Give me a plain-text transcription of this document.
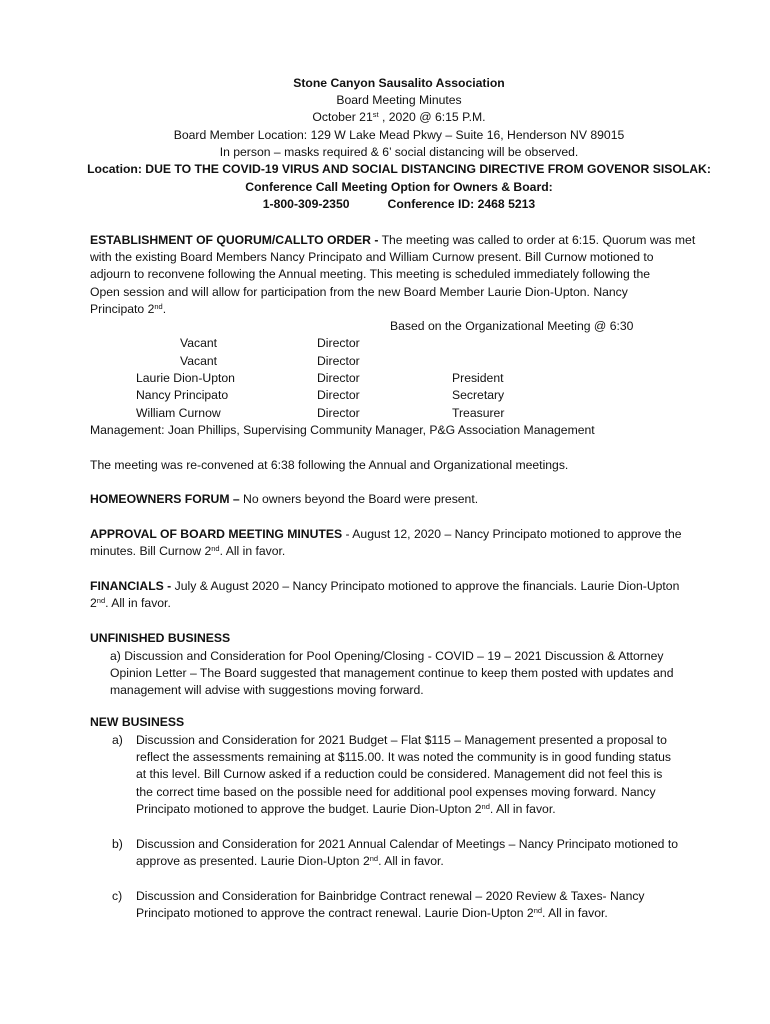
Stone Canyon Sausalito Association
Board Meeting Minutes
October 21st , 2020 @ 6:15 P.M.
Board Member Location: 129 W Lake Mead Pkwy – Suite 16, Henderson NV 89015
In person – masks required & 6’ social distancing will be observed.
Location: DUE TO THE COVID-19 VIRUS AND SOCIAL DISTANCING DIRECTIVE FROM GOVENOR SISOLAK:
Conference Call Meeting Option for Owners & Board:
1-800-309-2350	Conference ID: 2468 5213
ESTABLISHMENT OF QUORUM/CALLTO ORDER - The meeting was called to order at 6:15. Quorum was met
with the existing Board Members Nancy Principato and William Curnow present. Bill Curnow motioned to
adjourn to reconvene following the Annual meeting. This meeting is scheduled immediately following the
Open session and will allow for participation from the new Board Member Laurie Dion-Upton. Nancy
Principato 2nd.
Based on the Organizational Meeting @ 6:30
Vacant	Director
Vacant	Director
Laurie Dion-Upton	Director	President
Nancy Principato	Director	Secretary
William Curnow	Director	Treasurer
Management: Joan Phillips, Supervising Community Manager, P&G Association Management
The meeting was re-convened at 6:38 following the Annual and Organizational meetings.
HOMEOWNERS FORUM – No owners beyond the Board were present.
APPROVAL OF BOARD MEETING MINUTES - August 12, 2020 – Nancy Principato motioned to approve the
minutes. Bill Curnow 2nd. All in favor.
FINANCIALS - July & August 2020 – Nancy Principato motioned to approve the financials. Laurie Dion-Upton
2nd. All in favor.
UNFINISHED BUSINESS
a) Discussion and Consideration for Pool Opening/Closing - COVID – 19 – 2021 Discussion & Attorney
Opinion Letter – The Board suggested that management continue to keep them posted with updates and
management will advise with suggestions moving forward.
NEW BUSINESS
a) Discussion and Consideration for 2021 Budget – Flat $115 – Management presented a proposal to
reflect the assessments remaining at $115.00. It was noted the community is in good funding status
at this level. Bill Curnow asked if a reduction could be considered. Management did not feel this is
the correct time based on the possible need for additional pool expenses moving forward. Nancy
Principato motioned to approve the budget. Laurie Dion-Upton 2nd. All in favor.
b) Discussion and Consideration for 2021 Annual Calendar of Meetings – Nancy Principato motioned to
approve as presented. Laurie Dion-Upton 2nd. All in favor.
c) Discussion and Consideration for Bainbridge Contract renewal – 2020 Review & Taxes- Nancy
Principato motioned to approve the contract renewal. Laurie Dion-Upton 2nd. All in favor.
